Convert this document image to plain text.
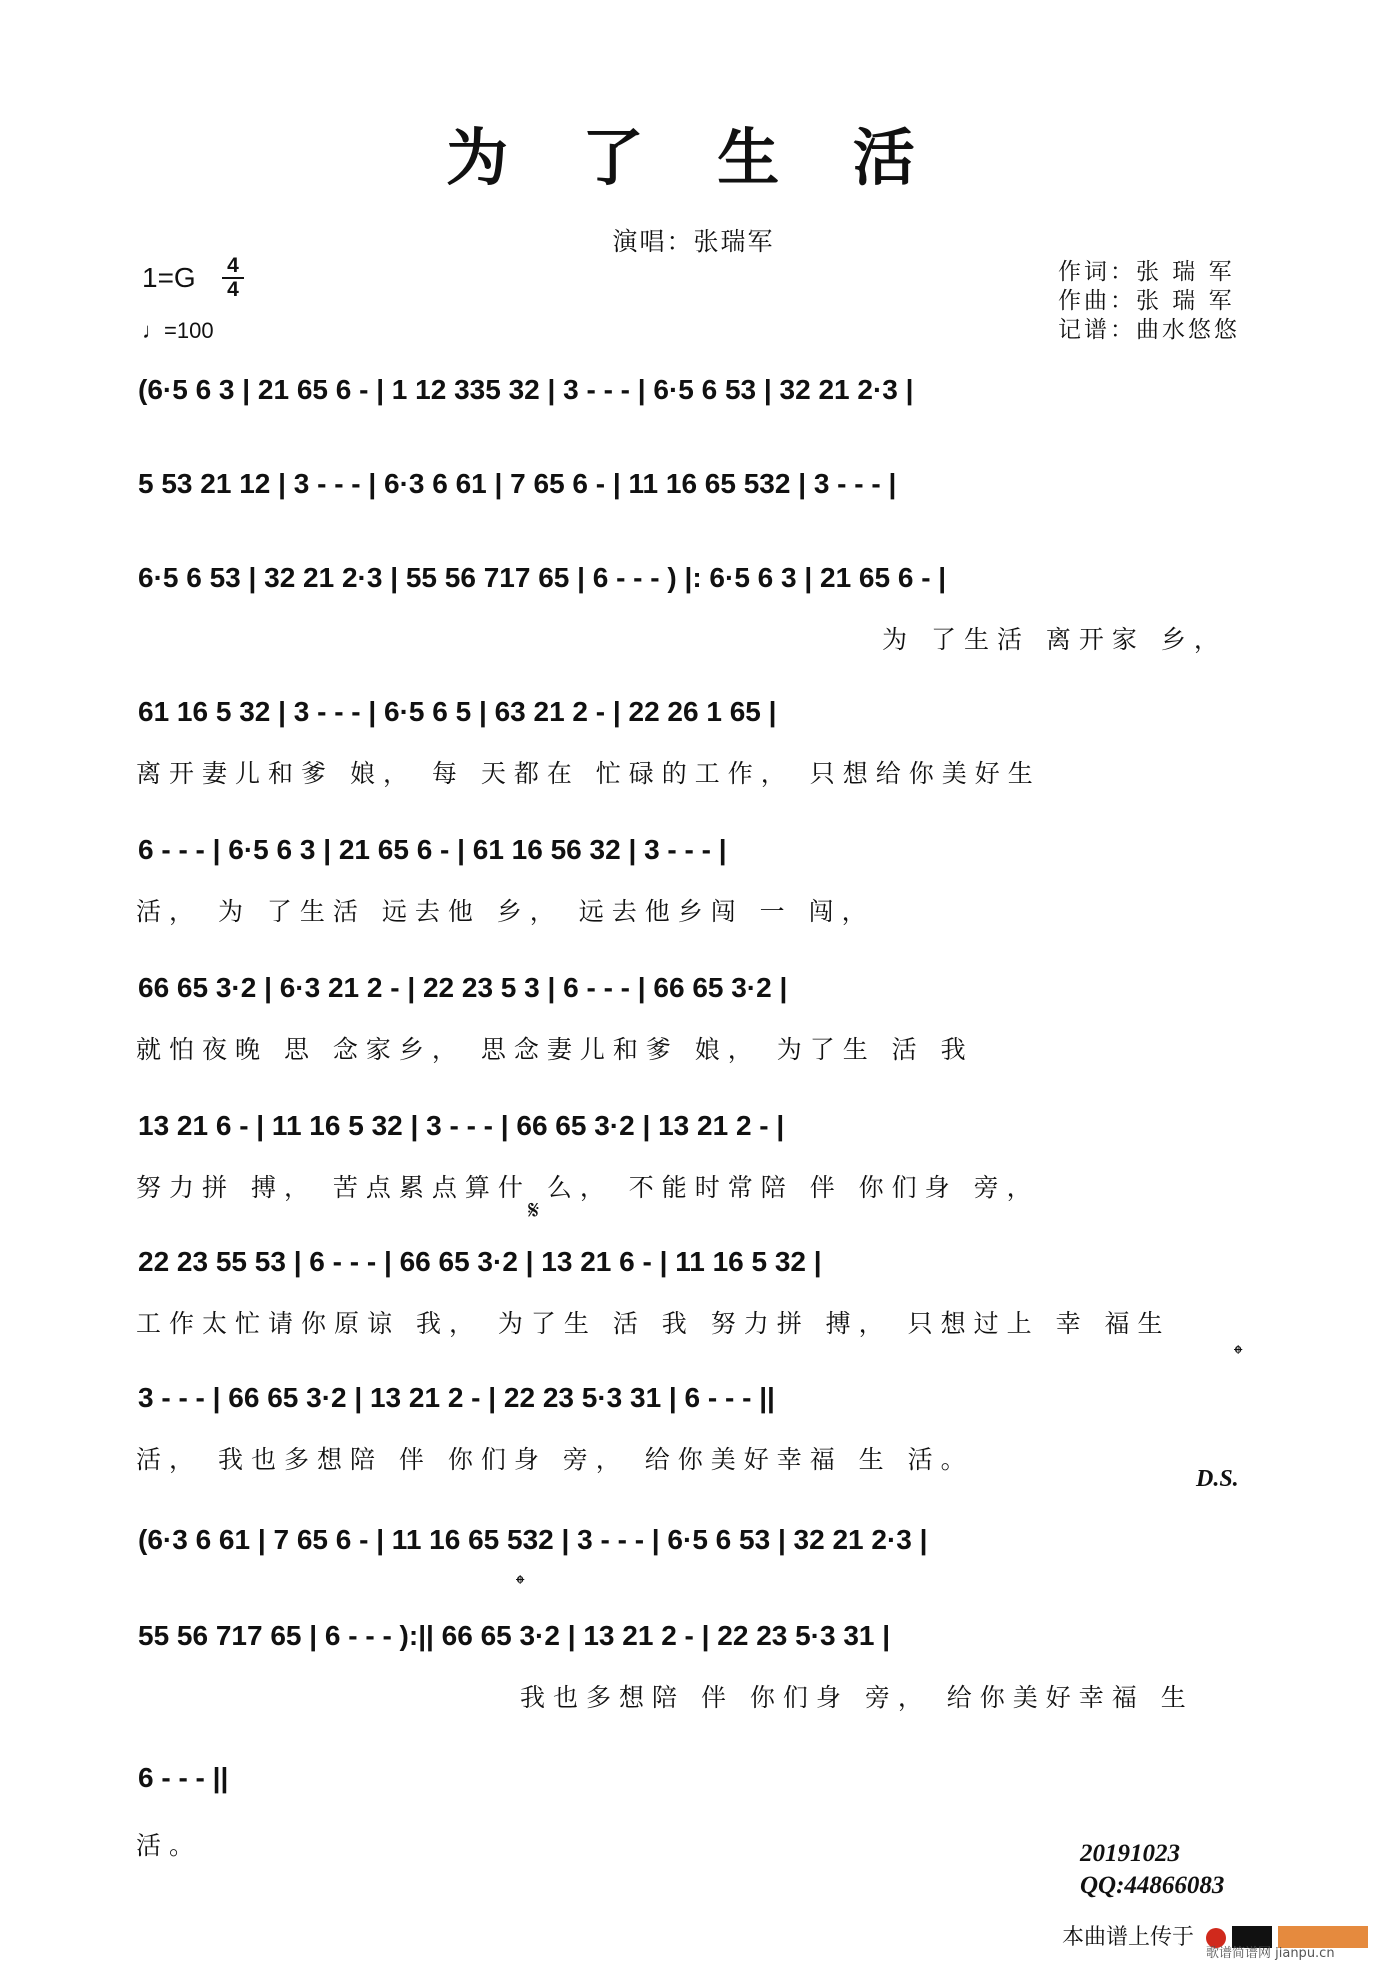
为 了 生 活
演唱：张瑞军
1=G 4
4
♩=100
作词：张 瑞 军
作曲：张 瑞 军
记谱：曲水悠悠
(6·5 6 3 | 21 65 6 - | 1 12 335 32 | 3 - - - | 6·5 6 53 | 32 21 2·3 |
5 53 21 12 | 3 - - - | 6·3 6 61 | 7 65 6 - | 11 16 65 532 | 3 - - - |
6·5 6 53 | 32 21 2·3 | 55 56 717 65 | 6 - - - ) |: 6·5 6 3 | 21 65 6 - |
为 了生活 离开家 乡，
61 16 5 32 | 3 - - - | 6·5 6 5 | 63 21 2 - | 22 26 1 65 |
离开妻儿和爹 娘， 每 天都在 忙碌的工作， 只想给你美好生
6 - - - | 6·5 6 3 | 21 65 6 - | 61 16 56 32 | 3 - - - |
活， 为 了生活 远去他 乡， 远去他乡闯 一 闯，
66 65 3·2 | 6·3 21 2 - | 22 23 5 3 | 6 - - - | 66 65 3·2 |
就怕夜晚 思 念家乡， 思念妻儿和爹 娘， 为了生 活 我
13 21 6 - | 11 16 5 32 | 3 - - - | 66 65 3·2 | 13 21 2 - |
努力拼 搏， 苦点累点算什 么， 不能时常陪 伴 你们身 旁，
22 23 55 53 | 6 - - - | 66 65 3·2 | 13 21 6 - | 11 16 5 32 |
工作太忙请你原谅 我， 为了生 活 我 努力拼 搏， 只想过上 幸 福生
3 - - - | 66 65 3·2 | 13 21 2 - | 22 23 5·3 31 | 6 - - - ||
活， 我也多想陪 伴 你们身 旁， 给你美好幸福 生 活。
(6·3 6 61 | 7 65 6 - | 11 16 65 532 | 3 - - - | 6·5 6 53 | 32 21 2·3 |
55 56 717 65 | 6 - - - ):|| 66 65 3·2 | 13 21 2 - | 22 23 5·3 31 |
我也多想陪 伴 你们身 旁， 给你美好幸福 生
6 - - - ||
活。
𝄋
𝄌
𝄌
D.S.
20191023
QQ:44866083
本曲谱上传于
歌谱简谱网 jianpu.cn
